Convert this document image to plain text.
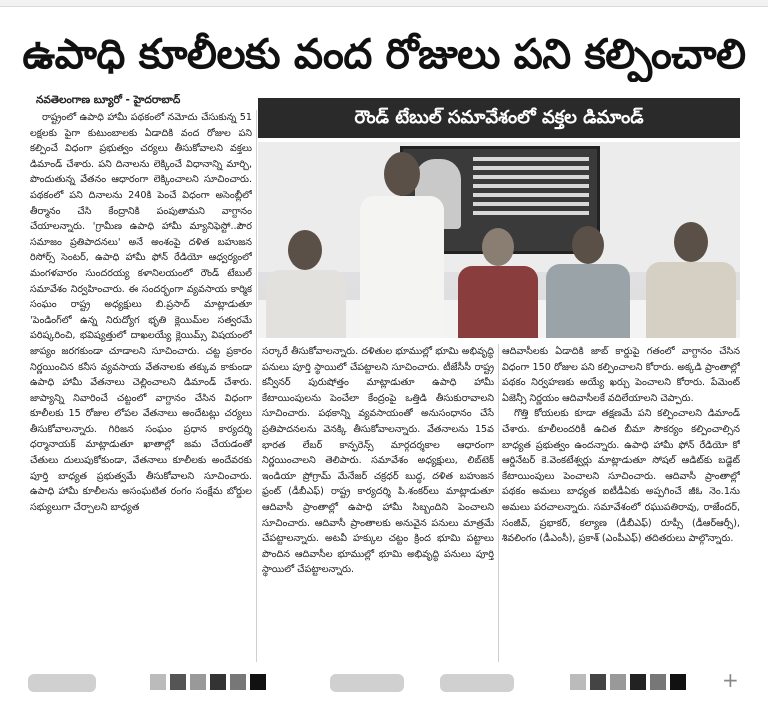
ఉపాధి కూలీలకు వంద రోజులు పని కల్పించాలి
నవతెలంగాణ బ్యూరో - హైదరాబాద్
రౌండ్ టేబుల్ సమావేశంలో వక్తల డిమాండ్

రాష్ట్రంలో ఉపాధి హామీ పథకంలో నమోదు చేసుకున్న 51 లక్షలకు పైగా కుటుంబాలకు ఏడాదికి వంద రోజుల పని కల్పించే విధంగా ప్రభుత్వం చర్యలు తీసుకోవాలని వక్తలు డిమాండ్ చేశారు. పని దినాలను లెక్కించే విధానాన్ని మార్చి, పొందుతున్న వేతనం ఆధారంగా లెక్కించాలని సూచించారు. పథకంలో పని దినాలను 240కి పెంచే విధంగా అసెంబ్లీలో తీర్మానం చేసి కేంద్రానికి పంపుతామని వాగ్దానం చేయాలన్నారు. 'గ్రామీణ ఉపాధి హామీ మ్యానిఫెస్టో..పౌర సమాజం ప్రతిపాదనలు' అనే అంశంపై దళిత బహుజన రిసోర్స్ సెంటర్, ఉపాధి హామీ ఫోన్ రేడియో ఆధ్వర్యంలో మంగళవారం సుందరయ్య కళానిలయంలో రౌండ్ టేబుల్ సమావేశం నిర్వహించారు. ఈ సందర్భంగా వ్యవసాయ కార్మిక సంఘం రాష్ట్ర అధ్యక్షులు బి.ప్రసాద్ మాట్లాడుతూ 'పెండింగ్‌లో ఉన్న నిరుద్యోగ భృతి క్లెయిమ్‌ల సత్వరమే పరిష్కరించి, భవిష్యత్తులో దాఖలయ్యే క్లెయిమ్స్ విషయంలో జాప్యం జరగకుండా చూడాలని సూచించారు. చట్ట ప్రకారం నిర్ణయించిన కనీస వ్యవసాయ వేతనాలకు తక్కువ కాకుండా ఉపాధి హామీ వేతనాలు చెల్లించాలని డిమాండ్ చేశారు. జాప్యాన్ని నివారించే చట్టంలో వాగ్దానం చేసిన విధంగా కూలీలకు 15 రోజుల లోపల వేతనాలు అందేటట్లు చర్యలు తీసుకోవాలన్నారు. గిరిజన సంఘం ప్రధాన కార్యదర్శి ధర్మానాయక్ మాట్లాడుతూ ఖాతాల్లో జమ చేయడంతో చేతులు దులుపుకోకుండా, వేతనాలు కూలీలకు అందేవరకు పూర్తి బాధ్యత ప్రభుత్వమే తీసుకోవాలని సూచించారు. ఉపాధి హామీ కూలీలను అసంఘటిత రంగం సంక్షేమ బోర్డుల సభ్యులుగా చేర్చాలని బాధ్యత

సర్కారే తీసుకోవాలన్నారు. దళితుల భూముల్లో భూమి అభివృద్ధి పనులు పూర్తి స్థాయిలో చేపట్టాలని సూచించారు. టీజేసీసీ రాష్ట్ర కన్వీనర్ పురుషోత్తం మాట్లాడుతూ ఉపాధి హామీ కేటాయింపులను పెంచేలా కేంద్రంపై ఒత్తిడి తీసుకురావాలని సూచించారు. పథకాన్ని వ్యవసాయంతో అనుసంధానం చేసే ప్రతిపాదనలను వెనక్కి తీసుకోవాలన్నారు. వేతనాలను 15వ భారత లేబర్ కాన్ఫరెన్స్ మార్గదర్శకాల ఆధారంగా నిర్ణయించాలని తెలిపారు. సమావేశం అధ్యక్షులు, లిబ్‌టెక్ ఇండియా ప్రోగ్రామ్ మేనేజర్ చక్రధర్ బుద్ధ, దళిత బహుజన ఫ్రంట్ (డీబీఎఫ్) రాష్ట్ర కార్యదర్శి పి.శంకర్‌లు మాట్లాడుతూ ఆదివాసీ ప్రాంతాల్లో ఉపాధి హామీ సిబ్బందిని పెంచాలని సూచించారు. ఆదివాసీ ప్రాంతాలకు అనువైన పనులు మాత్రమే చేపట్టాలన్నారు. అటవీ హక్కుల చట్టం క్రింద భూమి పట్టాలు పొందిన ఆదివాసీల భూముల్లో భూమి అభివృద్ధి పనులు పూర్తి స్థాయిలో చేపట్టాలన్నారు.

ఆదివాసీలకు ఏడాదికి జాబ్ కార్డుపై గతంలో వాగ్దానం చేసిన విధంగా 150 రోజుల పని కల్పించాలని కోరారు. అక్కడి ప్రాంతాల్లో పథకం నిర్వహణకు అయ్యే ఖర్చు పెంచాలని కోరారు. పేమెంట్ ఏజెన్సీ నిర్ణయం ఆదివాసీలకే వదిలేయాలని చెప్పారు.

గొత్తి కోయలకు కూడా తక్షణమే పని కల్పించాలని డిమాండ్ చేశారు. కూలీలందరికీ ఉచిత బీమా సౌకర్యం కల్పించాల్సిన బాధ్యత ప్రభుత్వం ఉందన్నారు. ఉపాధి హామీ ఫోన్ రేడియో కో ఆర్డినేటర్ కె.వెంకటేశ్వర్లు మాట్లాడుతూ సోషల్ ఆడిట్‌కు బడ్జెట్ కేటాయింపులు పెంచాలని సూచించారు. ఆదివాసీ ప్రాంతాల్లో పథకం అమలు బాధ్యత ఐటీడీఏకు అప్పగించే జీఓ నెం.1ను అమలు పరచాలన్నారు. సమావేశంలో రఘుపతిరావు, రాజేందర్, సంజీవ్, ప్రభాకర్, కల్యాణ (డీబీఎఫ్) రూప్సీ (డీఆర్‌ఆర్సీ), శివలింగం (డీఎంసీ), ప్రకాశ్ (ఎంపీఎఫ్) తదితరులు పాల్గొన్నారు.

+
